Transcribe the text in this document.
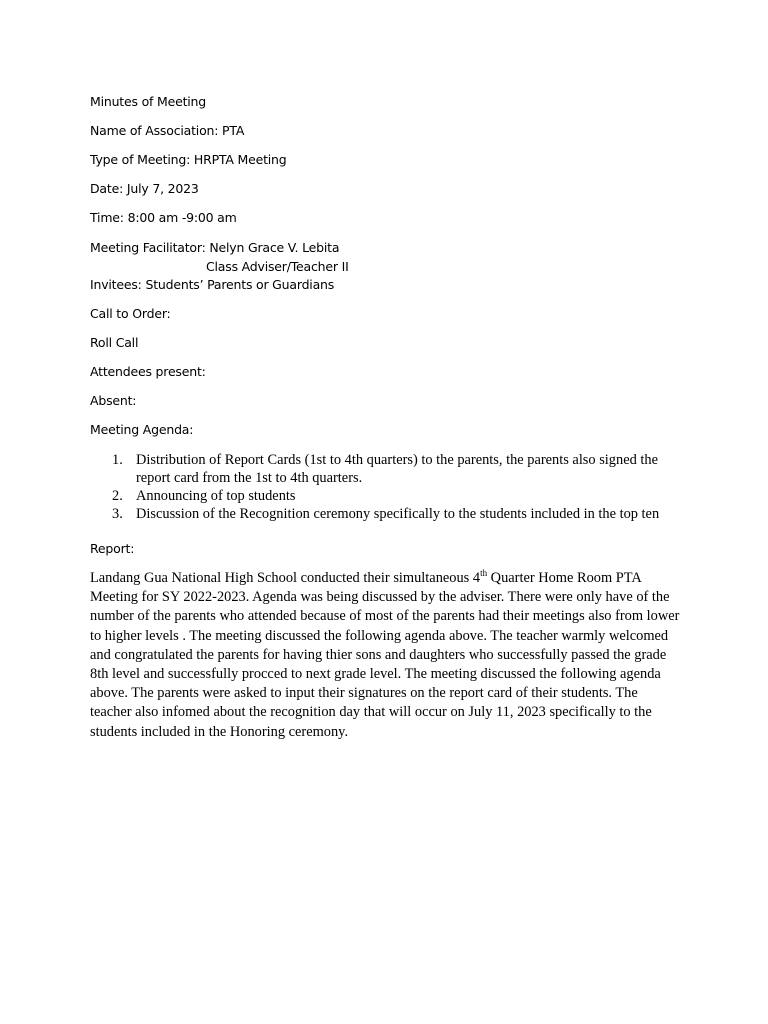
Minutes of Meeting
Name of Association: PTA
Type of Meeting: HRPTA Meeting
Date: July 7, 2023
Time: 8:00 am -9:00 am
Meeting Facilitator: Nelyn Grace V. Lebita
Class Adviser/Teacher II
Invitees: Students’ Parents or Guardians
Call to Order:
Roll Call
Attendees present:
Absent:
Meeting Agenda:
1. Distribution of Report Cards (1st to 4th quarters) to the parents, the parents also signed the report card from the 1st to 4th quarters.
2. Announcing of top students
3. Discussion of the Recognition ceremony specifically to the students included in the top ten
Report:

Landang Gua National High School conducted their simultaneous 4th Quarter Home Room PTA Meeting for SY 2022-2023. Agenda was being discussed by the adviser. There were only have of the number of the parents who attended because of most of the parents had their meetings also from lower to higher levels . The meeting discussed the following agenda above. The teacher warmly welcomed and congratulated the parents for having thier sons and daughters who successfully passed the grade 8th level and successfully procced to next grade level. The meeting discussed the following agenda above. The parents were asked to input their signatures on the report card of their students. The teacher also infomed about the recognition day that will occur on July 11, 2023 specifically to the students included in the Honoring ceremony.
